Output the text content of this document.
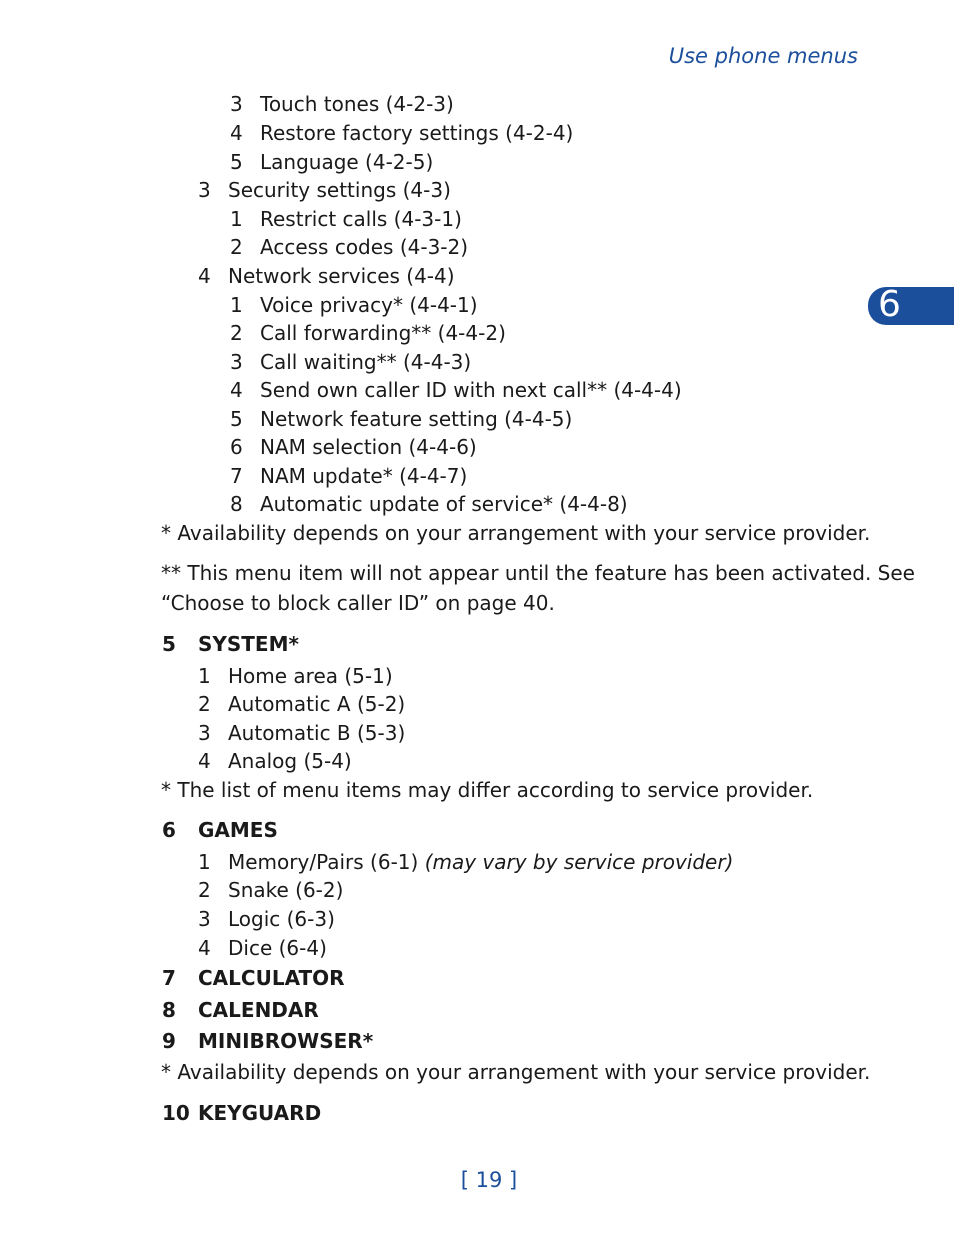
Use phone menus
6
3 Touch tones (4-2-3)
4 Restore factory settings (4-2-4)
5 Language (4-2-5)
3 Security settings (4-3)
1 Restrict calls (4-3-1)
2 Access codes (4-3-2)
4 Network services (4-4)
1 Voice privacy* (4-4-1)
2 Call forwarding** (4-4-2)
3 Call waiting** (4-4-3)
4 Send own caller ID with next call** (4-4-4)
5 Network feature setting (4-4-5)
6 NAM selection (4-4-6)
7 NAM update* (4-4-7)
8 Automatic update of service* (4-4-8)
* Availability depends on your arrangement with your service provider.
** This menu item will not appear until the feature has been activated. See
“Choose to block caller ID” on page 40.
5 SYSTEM*
1 Home area (5-1)
2 Automatic A (5-2)
3 Automatic B (5-3)
4 Analog (5-4)
* The list of menu items may differ according to service provider.
6 GAMES
1 Memory/Pairs (6-1) (may vary by service provider)
2 Snake (6-2)
3 Logic (6-3)
4 Dice (6-4)
7 CALCULATOR
8 CALENDAR
9 MINIBROWSER*
* Availability depends on your arrangement with your service provider.
10 KEYGUARD
[ 19 ]
